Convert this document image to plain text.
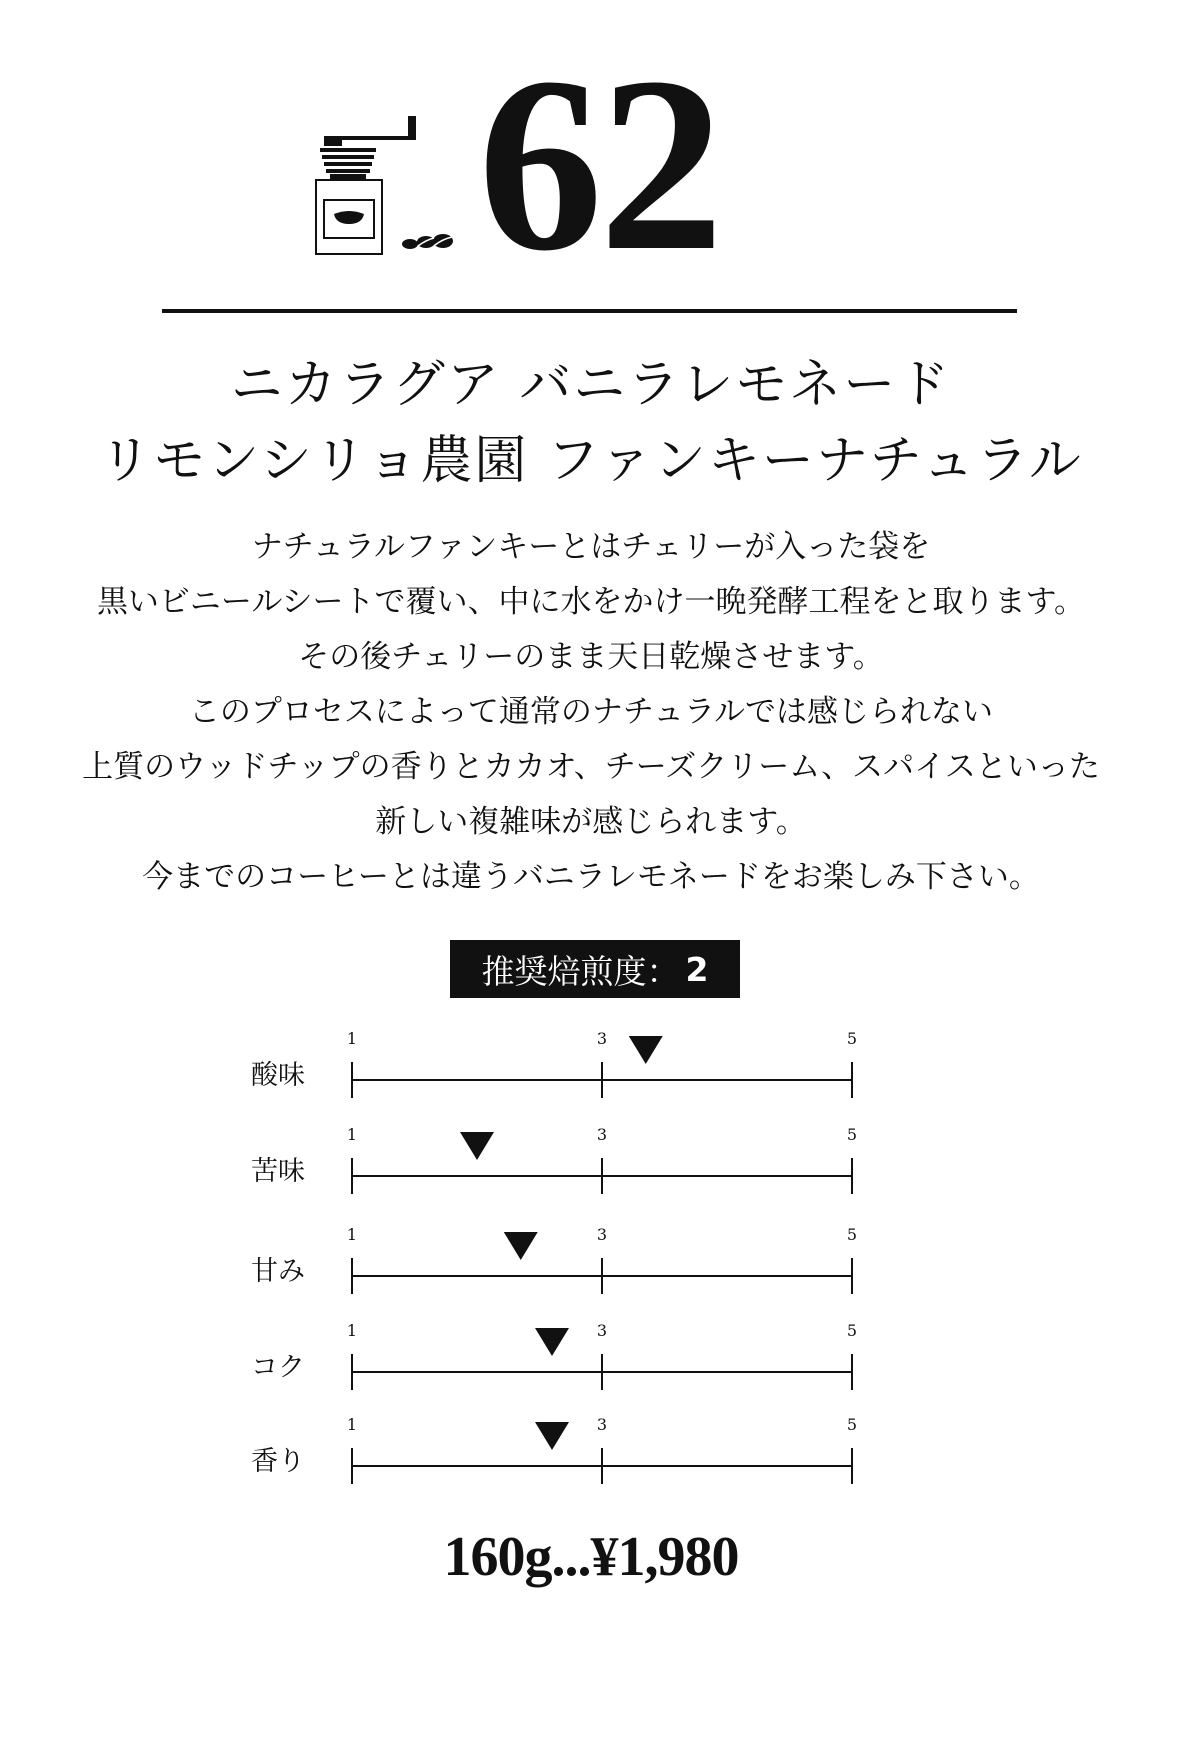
62
ニカラグア バニラレモネード
リモンシリョ農園 ファンキーナチュラル
ナチュラルファンキーとはチェリーが入った袋を
黒いビニールシートで覆い、中に水をかけ一晩発酵工程をと取ります。
その後チェリーのまま天日乾燥させます。
このプロセスによって通常のナチュラルでは感じられない
上質のウッドチップの香りとカカオ、チーズクリーム、スパイスといった
新しい複雑味が感じられます。
今までのコーヒーとは違うバニラレモネードをお楽しみ下さい。
推奨焙煎度： 2
酸味
1	3	5
苦味
1	3	5
甘み
1	3	5
コク
1	3	5
香り
1	3	5
160g...¥1,980
